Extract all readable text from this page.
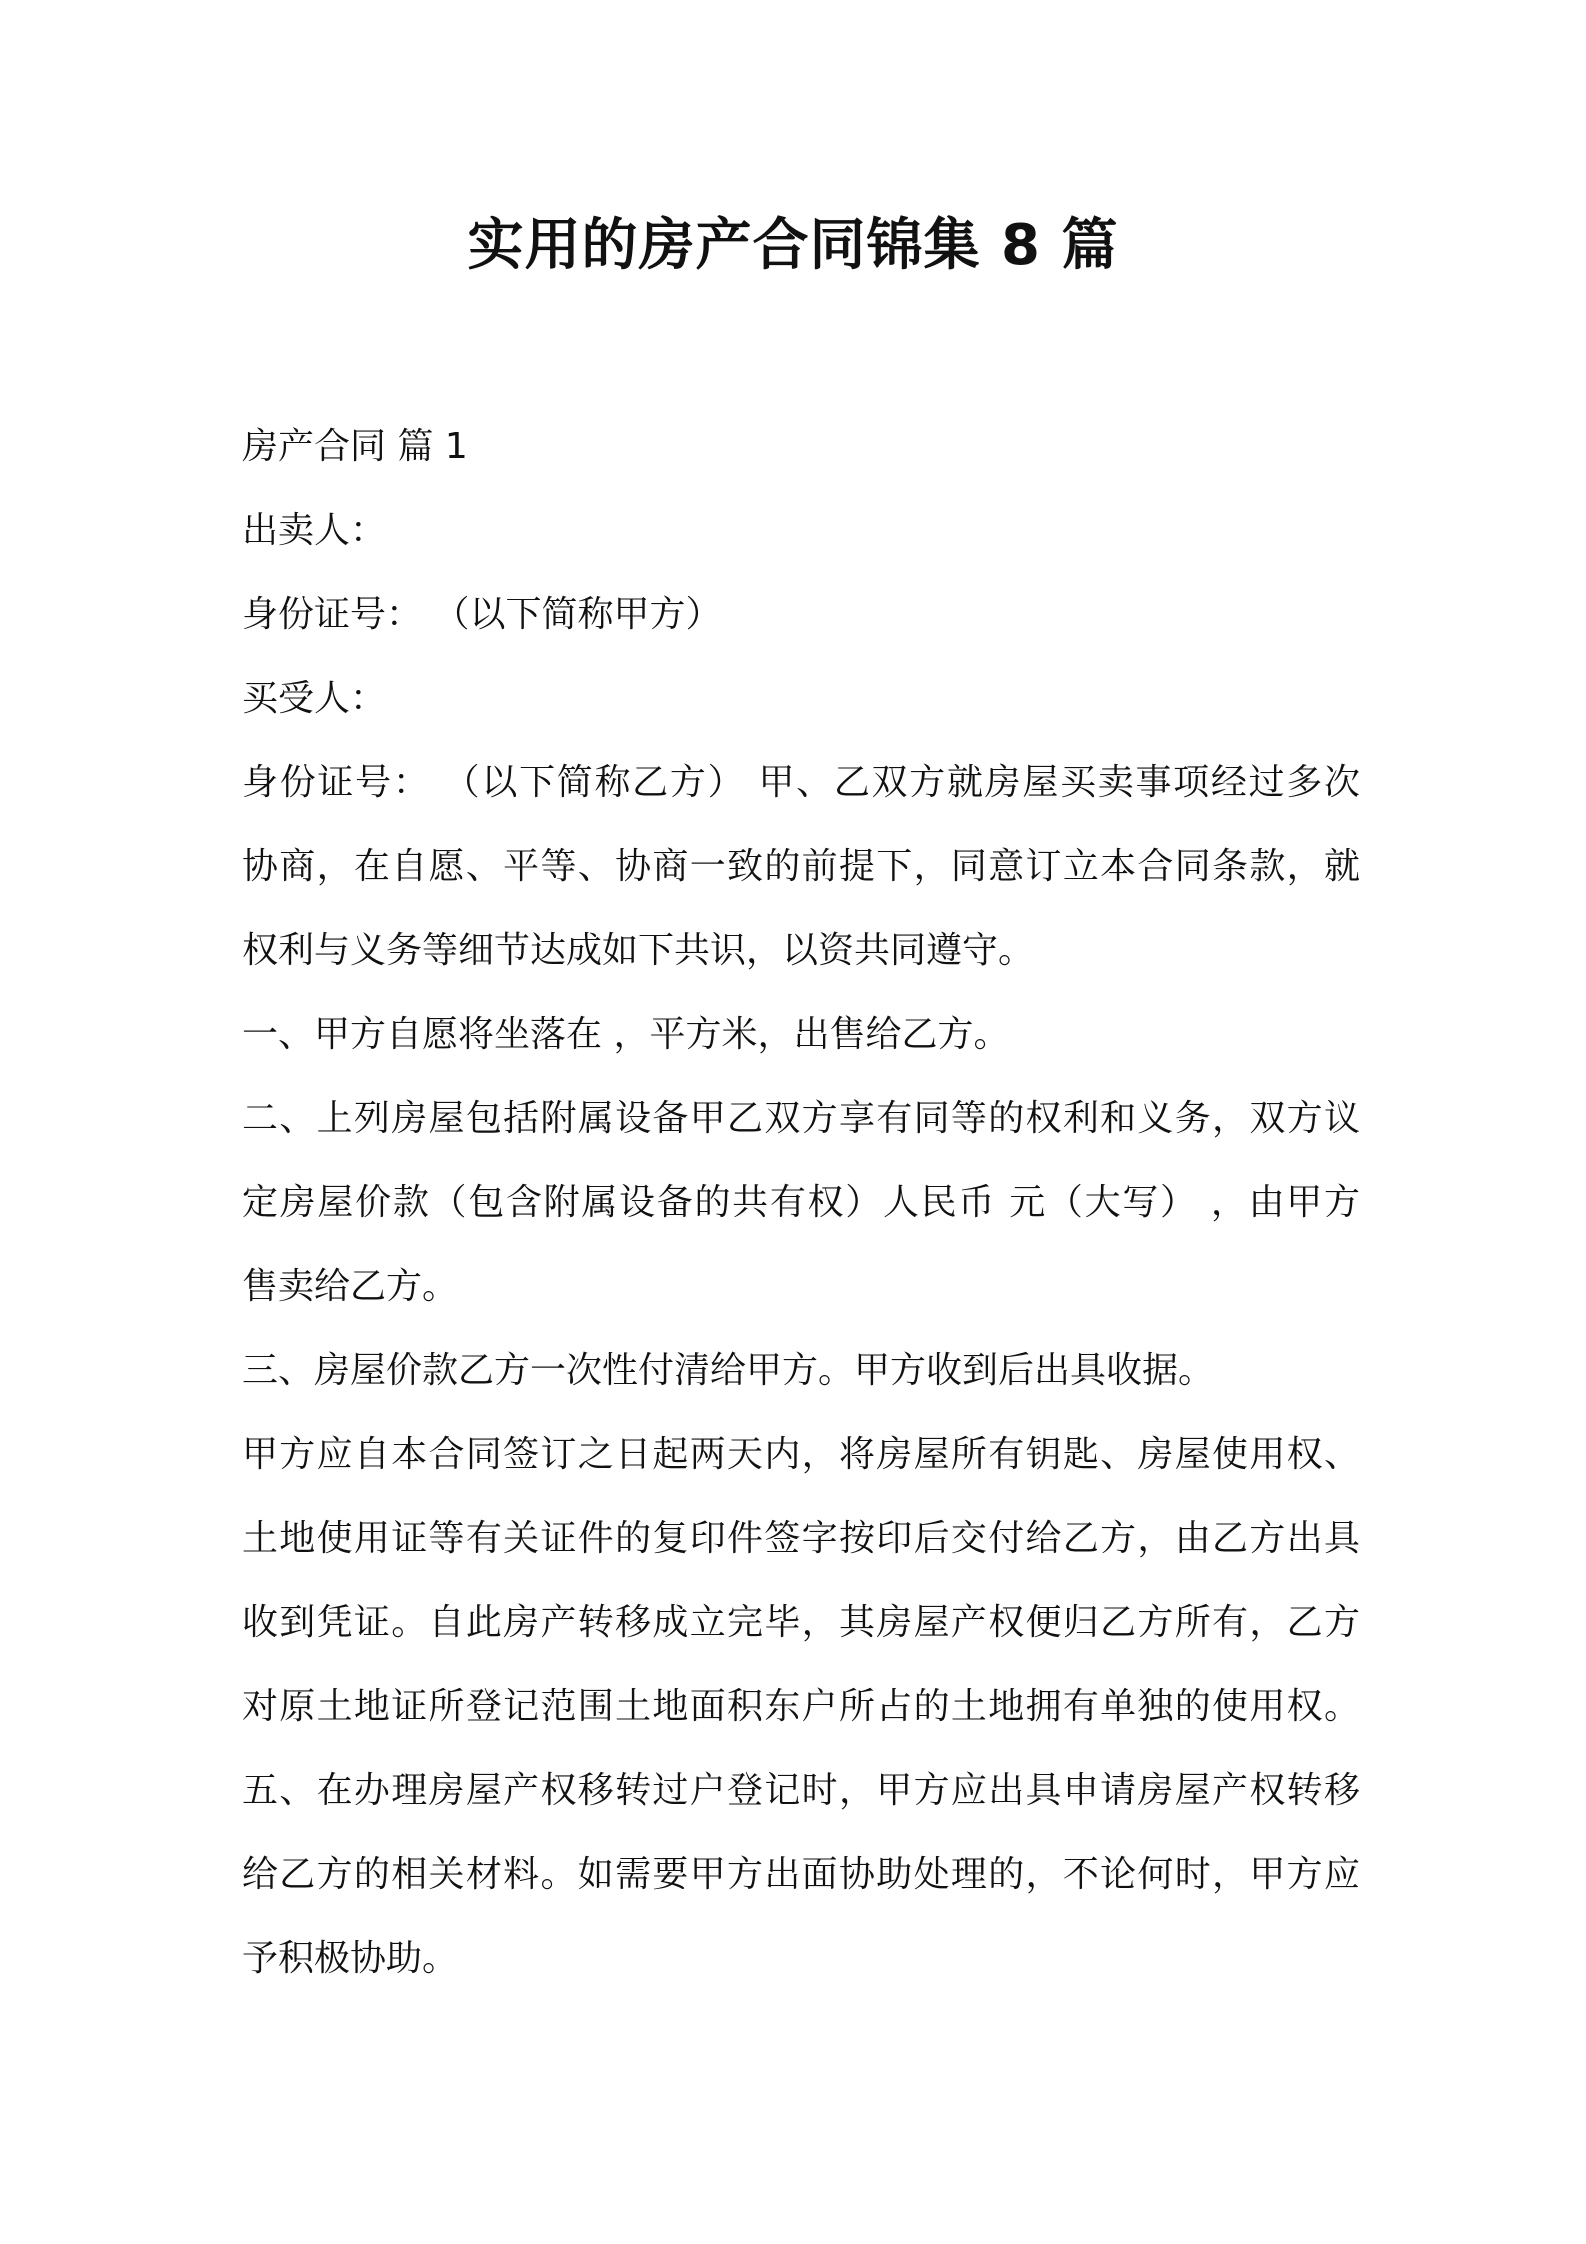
实用的房产合同锦集 8 篇
房产合同 篇 1
出卖人：
身份证号： （以下简称甲方）
买受人：
身份证号： （以下简称乙方） 甲、乙双方就房屋买卖事项经过多次
协商，在自愿、平等、协商一致的前提下，同意订立本合同条款，就
权利与义务等细节达成如下共识，以资共同遵守。
一、甲方自愿将坐落在 ，平方米，出售给乙方。
二、上列房屋包括附属设备甲乙双方享有同等的权利和义务，双方议
定房屋价款（包含附属设备的共有权）人民币 元（大写） ，由甲方
售卖给乙方。
三、房屋价款乙方一次性付清给甲方。甲方收到后出具收据。
甲方应自本合同签订之日起两天内，将房屋所有钥匙、房屋使用权、
土地使用证等有关证件的复印件签字按印后交付给乙方，由乙方出具
收到凭证。自此房产转移成立完毕，其房屋产权便归乙方所有，乙方
对原土地证所登记范围土地面积东户所占的土地拥有单独的使用权。
五、在办理房屋产权移转过户登记时，甲方应出具申请房屋产权转移
给乙方的相关材料。如需要甲方出面协助处理的，不论何时，甲方应
予积极协助。
